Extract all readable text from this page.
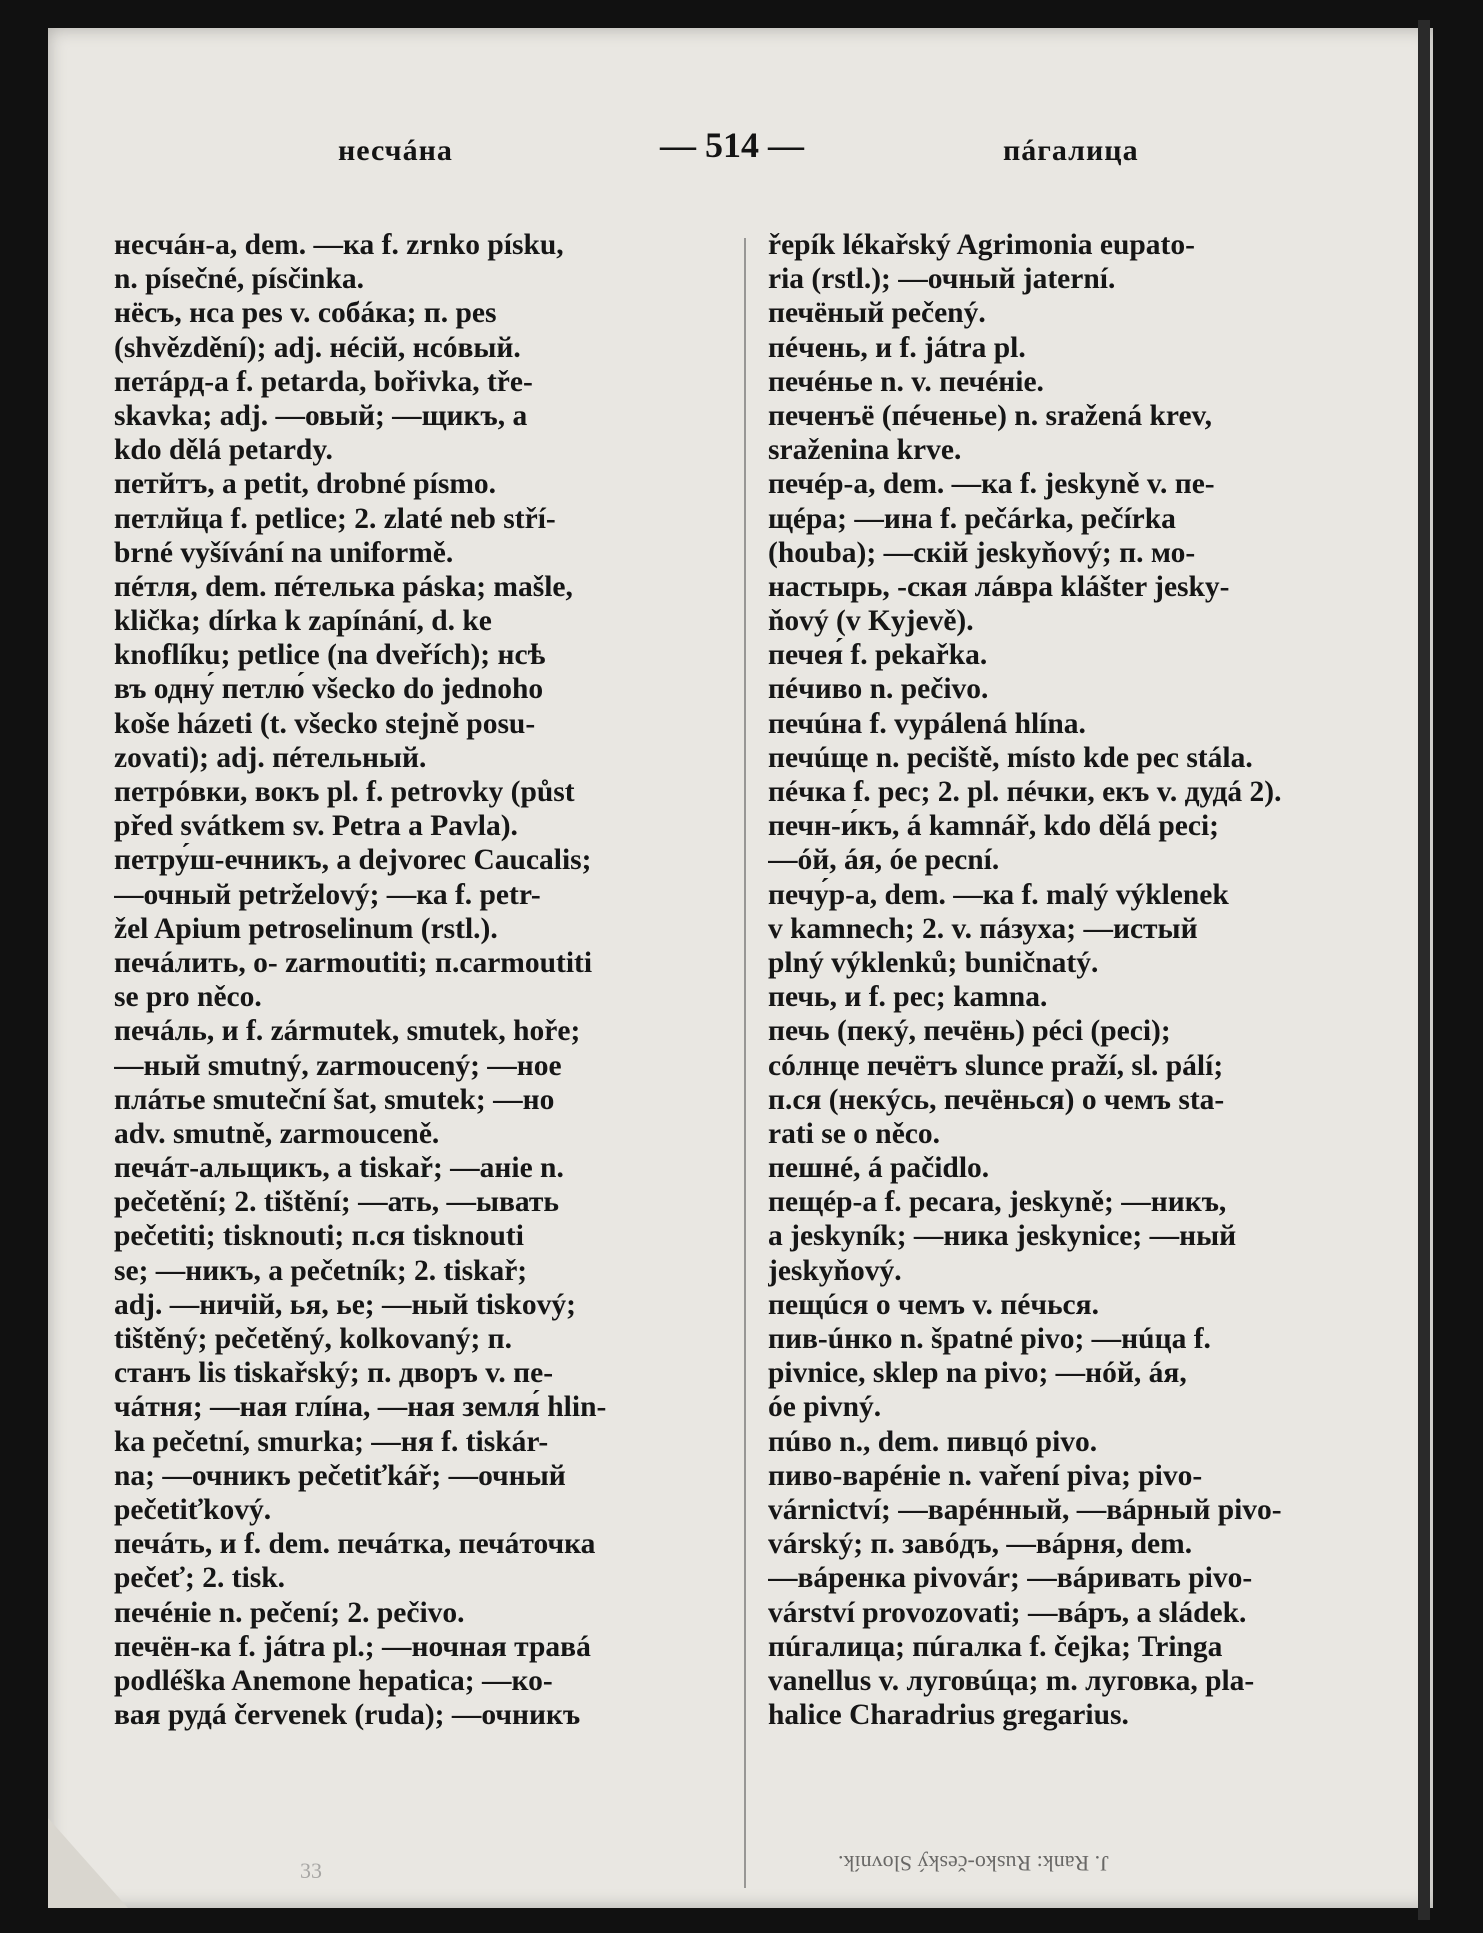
несчáна	— 514 —	пáгалица
несчáн-а, dem. —ка f. zrnko písku,
n. písečné, písčinka.
нёсъ, нса pes v. собáка; п. pes
(shvězdění); adj. нéсій, нсóвый.
петáрд-а f. petarda, bořivka, tře-
skavka; adj. —овый; —щикъ, a
kdo dělá petardy.
петйтъ, a petit, drobné písmo.
петлйца f. petlice; 2. zlaté neb stří-
brné vyšívání na uniformě.
пéтля, dem. пéтелька páska; mašle,
klička; dírka k zapínání, d. ke
knoflíku; petlice (na dveřích); нсѣ
въ одну́ петлю́ všecko do jednoho
koše házeti (t. všecko stejně posu-
zovati); adj. пéтельный.
петрóвки, вокъ pl. f. petrovky (půst
před svátkem sv. Petra a Pavla).
петру́ш-ечникъ, a dejvorec Caucalis;
—очный petrželový; —ка f. petr-
žel Apium petroselinum (rstl.).
печáлить, o- zarmoutiti; п.carmoutiti
se pro něco.
печáль, и f. zármutek, smutek, hoře;
—ный smutný, zarmoucený; —ное
плáтье smuteční šat, smutek; —но
adv. smutně, zarmouceně.
печáт-альщикъ, a tiskař; —аніе n.
pečetění; 2. tištění; —ать, —ывать
pečetiti; tisknouti; п.ся tisknouti
se; —никъ, a pečetník; 2. tiskař;
adj. —ничій, ья, ье; —ный tiskový;
tištěný; pečetěný, kolkovaný; п.
станъ lis tiskařský; п. дворъ v. пе-
чáтня; —ная глíна, —ная земля́ hlin-
ka pečetní, smurka; —ня f. tiskár-
na; —очникъ pečetiťkář; —очный
pečetiťkový.
печáть, и f. dem. печáтка, печáточка
pečeť; 2. tisk.
печéніе n. pečení; 2. pečivo.
печён-ка f. játra pl.; —ночная травá
podléška Anemone hepatica; —ко-
вая рудá červenek (ruda); —очникъ
řepík lékařský Agrimonia eupato-
ria (rstl.); —очный jaterní.
печёный pečený.
пéчень, и f. játra pl.
печéнье n. v. печéніе.
печенъё (пéченье) n. sražená krev,
sraženina krve.
печéр-а, dem. —ка f. jeskyně v. пе-
щéра; —ина f. pečárka, pečírka
(houba); —скій jeskyňový; п. мо-
настырь, -ская лáвра klášter jesky-
ňový (v Kyjevě).
печея́ f. pekařka.
пéчиво n. pečivo.
печúна f. vypálená hlína.
печúще n. peciště, místo kde pec stála.
пéчка f. pec; 2. pl. пéчки, екъ v. дудá 2).
печн-и́къ, á kamnář, kdo dělá peci;
—óй, áя, óе pecní.
печу́р-а, dem. —ка f. malý výklenek
v kamnech; 2. v. пáзуха; —истый
plný výklenků; buničnatý.
печь, и f. pec; kamna.
печь (пекý, печёнь) péci (peci);
сóлнце печётъ slunce praží, sl. pálí;
п.ся (некýсь, печёнься) о чемъ sta-
rati se o něco.
пешнé, á pačidlo.
пещéр-а f. pecara, jeskyně; —никъ,
a jeskyník; —ника jeskynice; —ный
jeskyňový.
пещúся о чемъ v. пéчься.
пив-úнко n. špatné pivo; —нúца f.
pivnice, sklep na pivo; —нóй, áя,
óе pivný.
пúво n., dem. пивцó pivo.
пиво-варéніе n. vaření piva; pivo-
várnictví; —варéнный, —вáрный pivo-
várský; п. завóдъ, —вáрня, dem.
—вáренка pivovár; —вáривать pivo-
várství provozovati; —вáръ, a sládek.
пúгалица; пúгалка f. čejka; Tringa
vanellus v. луговúца; m. луговка, pla-
halice Charadrius gregarius.
33	J. Rank: Rusko-český Slovník.
